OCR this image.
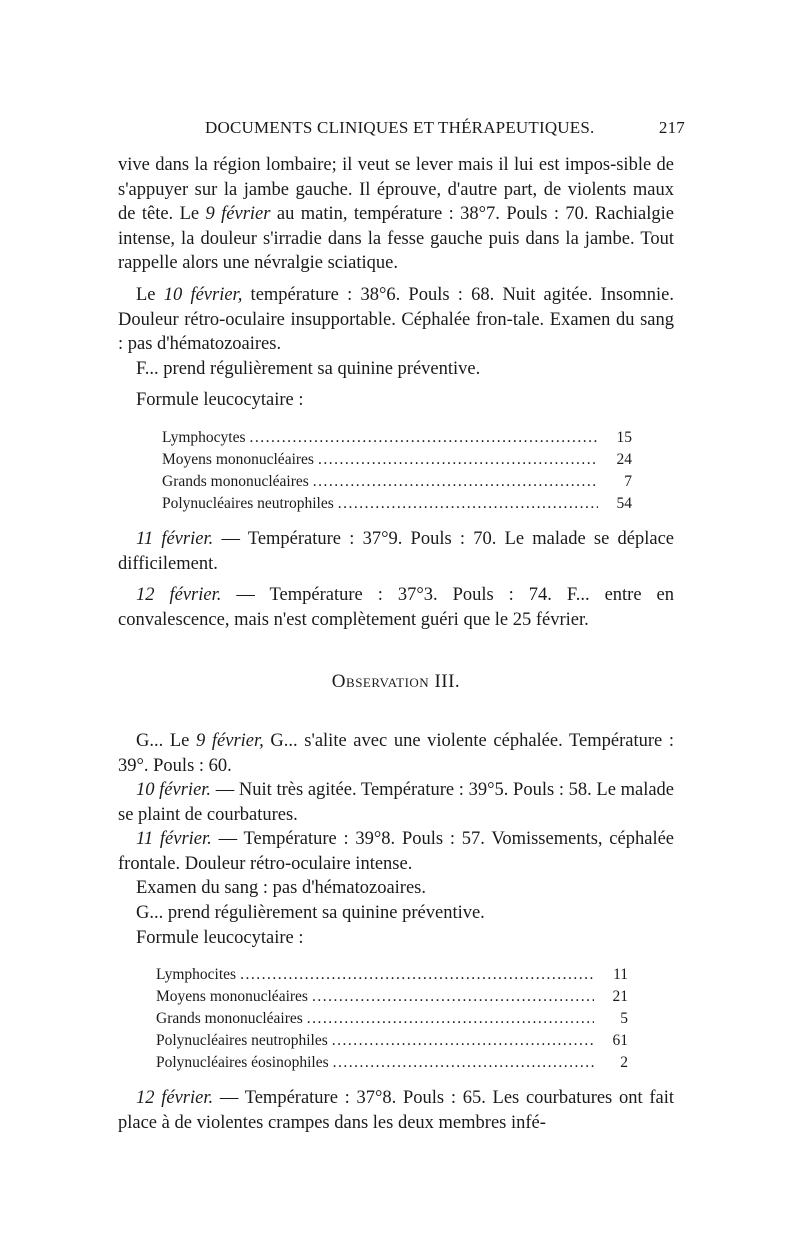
DOCUMENTS CLINIQUES ET THÉRAPEUTIQUES.	217

vive dans la région lombaire; il veut se lever mais il lui est impos-sible de s'appuyer sur la jambe gauche. Il éprouve, d'autre part, de violents maux de tête. Le 9 février au matin, température : 38°7. Pouls : 70. Rachialgie intense, la douleur s'irradie dans la fesse gauche puis dans la jambe. Tout rappelle alors une névralgie sciatique.

Le 10 février, température : 38°6. Pouls : 68. Nuit agitée. Insomnie. Douleur rétro-oculaire insupportable. Céphalée fron-tale. Examen du sang : pas d'hématozoaires.

F... prend régulièrement sa quinine préventive.

Formule leucocytaire :

Lymphocytes .....	15
Moyens mononucléaires .....	24
Grands mononucléaires .....	7
Polynucléaires neutrophiles .....	54

11 février. — Température : 37°9. Pouls : 70. Le malade se déplace difficilement.

12 février. — Température : 37°3. Pouls : 74. F... entre en convalescence, mais n'est complètement guéri que le 25 février.

Observation III.

G... Le 9 février, G... s'alite avec une violente céphalée. Température : 39°. Pouls : 60.

10 février. — Nuit très agitée. Température : 39°5. Pouls : 58. Le malade se plaint de courbatures.

11 février. — Température : 39°8. Pouls : 57. Vomissements, céphalée frontale. Douleur rétro-oculaire intense.

Examen du sang : pas d'hématozoaires.

G... prend régulièrement sa quinine préventive.

Formule leucocytaire :

Lymphocites .....	11
Moyens mononucléaires .....	21
Grands mononucléaires .....	5
Polynucléaires neutrophiles .....	61
Polynucléaires éosinophiles .....	2

12 février. — Température : 37°8. Pouls : 65. Les courbatures ont fait place à de violentes crampes dans les deux membres infé-
